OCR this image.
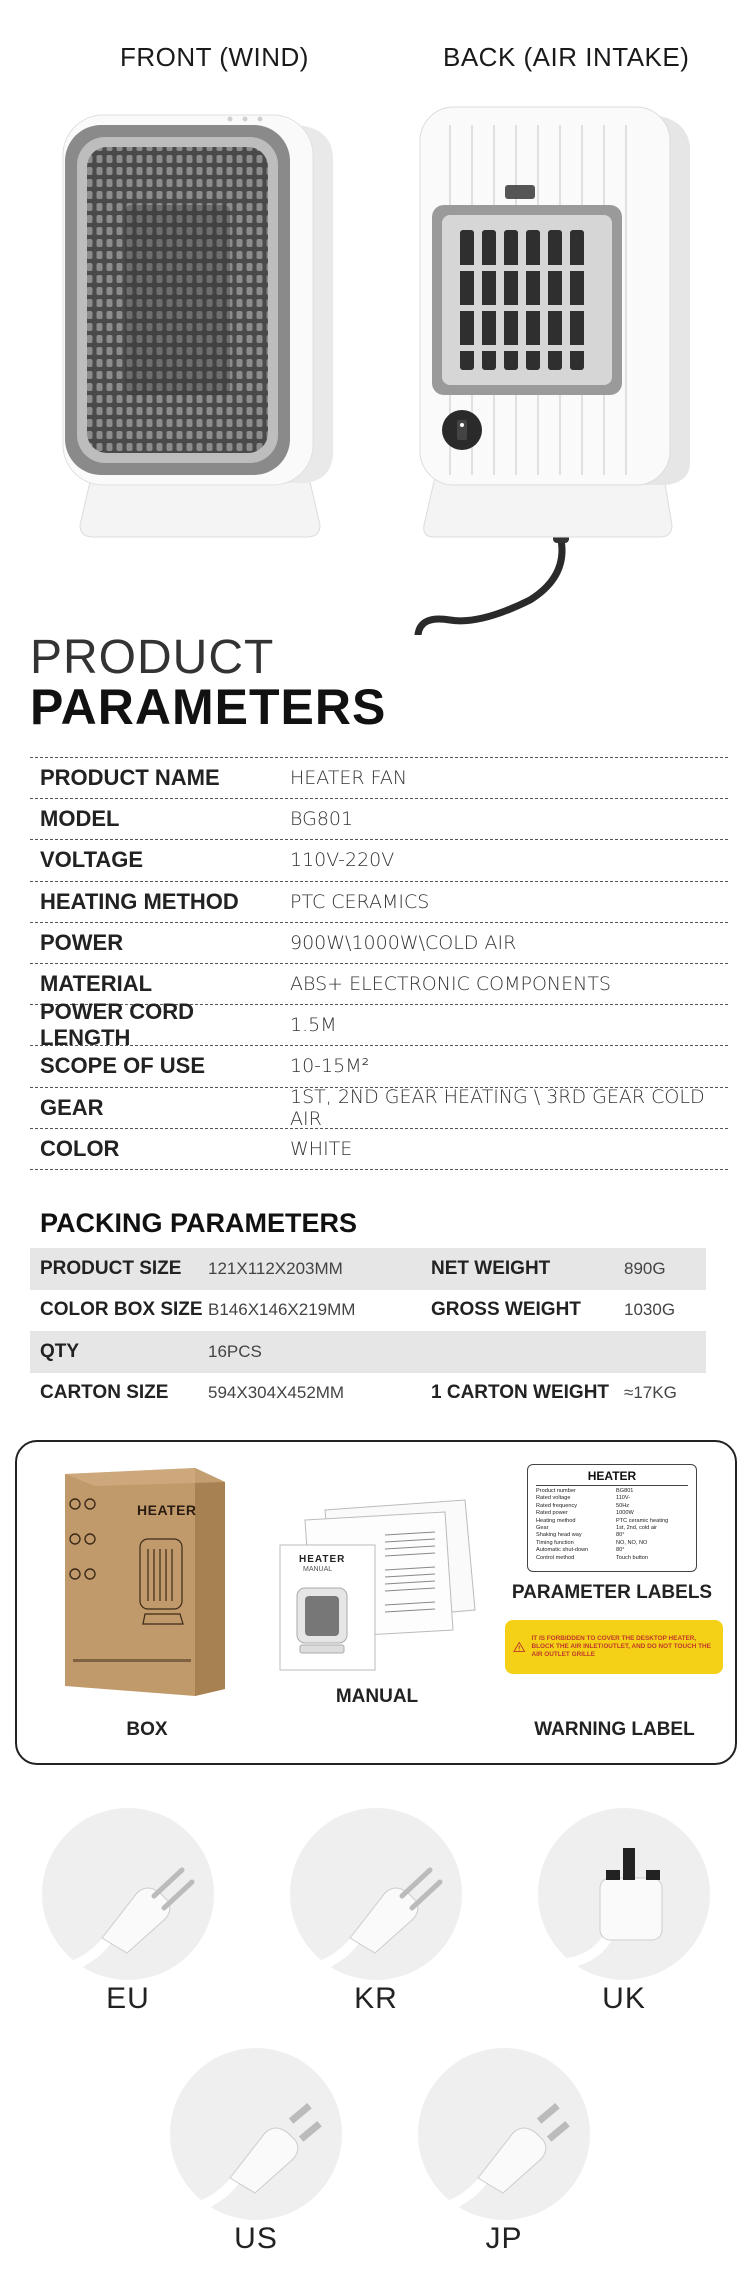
FRONT (WIND)	BACK (AIR INTAKE)
PRODUCT
PARAMETERS
PRODUCT NAME	HEATER FAN
MODEL	BG801
VOLTAGE	110V-220V
HEATING METHOD	PTC CERAMICS
POWER	900W\1000W\COLD AIR
MATERIAL	ABS+ ELECTRONIC COMPONENTS
POWER CORD LENGTH	1.5M
SCOPE OF USE	10-15M²
GEAR	1ST, 2ND GEAR HEATING \ 3RD GEAR COLD AIR
COLOR	WHITE
PACKING PARAMETERS
PRODUCT SIZE	121X112X203MM	NET WEIGHT	890G
COLOR BOX SIZE B146X146X219MM	GROSS WEIGHT	1030G
QTY	16PCS
CARTON SIZE	594X304X452MM	1 CARTON WEIGHT ≈17KG
HEATER
BOX
HEATER
MANUAL
MANUAL
HEATER
Product number	BG801
Rated voltage	110V-
Rated frequency	50Hz
Rated power	1000W
Heating method	PTC ceramic heating
Gear	1st, 2nd, cold air
Shaking head way	80°
Timing function	NO, NO, NO
Automatic shut-down	80°
Control method	Touch button
PARAMETER LABELS
IT IS FORBIDDEN TO COVER THE DESKTOP HEATER, BLOCK THE AIR INLET/OUTLET, AND DO NOT TOUCH THE AIR OUTLET GRILLE
WARNING LABEL
EU	KR	UK
US	JP
